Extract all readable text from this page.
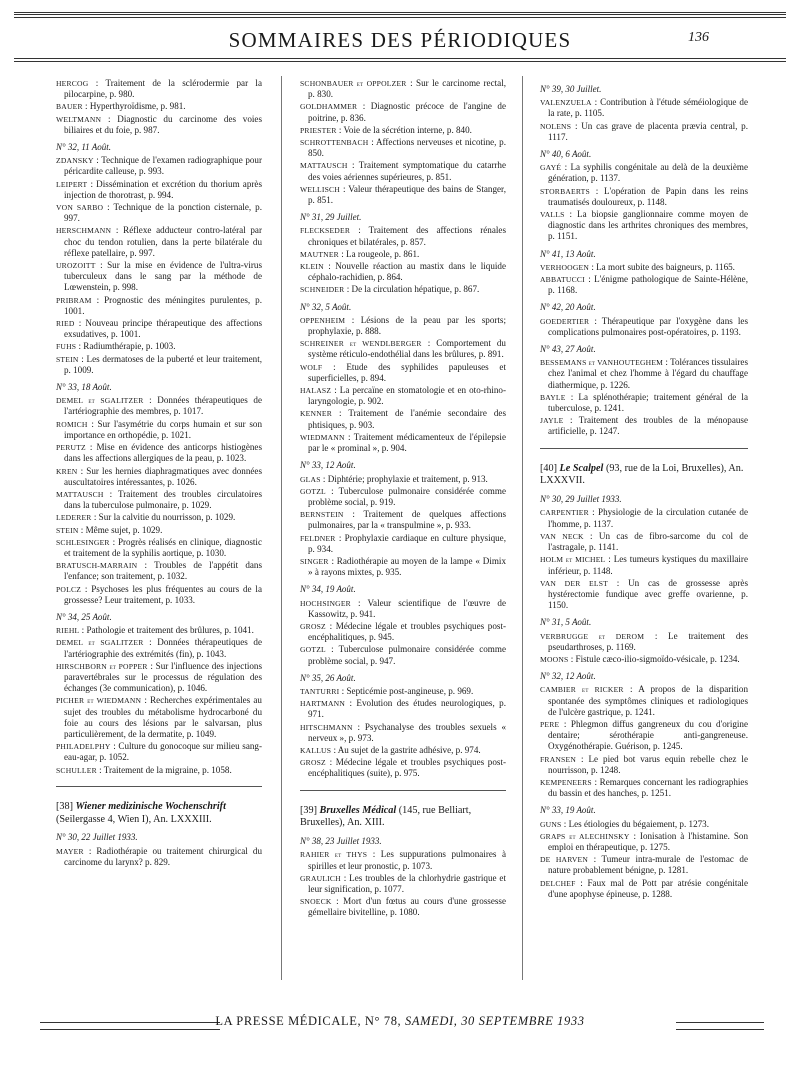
SOMMAIRES DES PÉRIODIQUES	136
HERCOG : Traitement de la sclérodermie par la pilocarpine, p. 980.
BAUER : Hyperthyroïdisme, p. 981.
WELTMANN : Diagnostic du carcinome des voies biliaires et du foie, p. 987.
N° 32, 11 Août.
ZDANSKY : Technique de l'examen radiographique pour péricardite calleuse, p. 993.
LEIPERT : Dissémination et excrétion du thorium après injection de thorotrast, p. 994.
VON SARBO : Technique de la ponction cisternale, p. 997.
HERSCHMANN : Réflexe adducteur contro-latéral par choc du tendon rotulien, dans la perte bilatérale du réflexe patellaire, p. 997.
UROZOITT : Sur la mise en évidence de l'ultra-virus tuberculeux dans le sang par la méthode de Lœwenstein, p. 998.
PRIBRAM : Prognostic des méningites purulentes, p. 1001.
RIED : Nouveau principe thérapeutique des affections exsudatives, p. 1001.
FUHS : Radiumthérapie, p. 1003.
STEIN : Les dermatoses de la puberté et leur traitement, p. 1009.
N° 33, 18 Août.
DEMEL et SGALITZER : Données thérapeutiques de l'artériographie des membres, p. 1017.
ROMICH : Sur l'asymétrie du corps humain et sur son importance en orthopédie, p. 1021.
PERUTZ : Mise en évidence des anticorps histiogènes dans les affections allergiques de la peau, p. 1023.
KREN : Sur les hernies diaphragmatiques avec données auscultatoires intéressantes, p. 1026.
MATTAUSCH : Traitement des troubles circulatoires dans la tuberculose pulmonaire, p. 1029.
LEDERER : Sur la calvitie du nourrisson, p. 1029.
STEIN : Même sujet, p. 1029.
SCHLESINGER : Progrès réalisés en clinique, diagnostic et traitement de la syphilis aortique, p. 1030.
BRATUSCH-MARRAIN : Troubles de l'appétit dans l'enfance; son traitement, p. 1032.
POLCZ : Psychoses les plus fréquentes au cours de la grossesse? Leur traitement, p. 1033.
N° 34, 25 Août.
RIEHL : Pathologie et traitement des brûlures, p. 1041.
DEMEL et SGALITZER : Données thérapeutiques de l'artériographie des extrémités (fin), p. 1043.
HIRSCHBORN et POPPER : Sur l'influence des injections paravertébrales sur le processus de régulation des échanges (3e communication), p. 1046.
PICHER et WIEDMANN : Recherches expérimentales au sujet des troubles du métabolisme hydrocarboné du foie au cours des lésions par le salvarsan, plus particulièrement, de la dermatite, p. 1049.
PHILADELPHY : Culture du gonocoque sur milieu sang-eau-agar, p. 1052.
SCHULLER : Traitement de la migraine, p. 1058.
[38] Wiener medizinische Wochenschrift (Seilergasse 4, Wien I), An. LXXXIII.
N° 30, 22 Juillet 1933.
MAYER : Radiothérapie ou traitement chirurgical du carcinome du larynx? p. 829.
SCHONBAUER et OPPOLZER : Sur le carcinome rectal, p. 830.
GOLDHAMMER : Diagnostic précoce de l'angine de poitrine, p. 836.
PRIESTER : Voie de la sécrétion interne, p. 840.
SCHROTTENBACH : Affections nerveuses et nicotine, p. 850.
MATTAUSCH : Traitement symptomatique du catarrhe des voies aériennes supérieures, p. 851.
WELLISCH : Valeur thérapeutique des bains de Stanger, p. 851.
N° 31, 29 Juillet.
FLECKSEDER : Traitement des affections rénales chroniques et bilatérales, p. 857.
MAUTNER : La rougeole, p. 861.
KLEIN : Nouvelle réaction au mastix dans le liquide céphalo-rachidien, p. 864.
SCHNEIDER : De la circulation hépatique, p. 867.
N° 32, 5 Août.
OPPENHEIM : Lésions de la peau par les sports; prophylaxie, p. 888.
SCHREINER et WENDLBERGER : Comportement du système réticulo-endothélial dans les brûlures, p. 891.
WOLF : Etude des syphilides papuleuses et superficielles, p. 894.
HALASZ : La percaïne en stomatologie et en oto-rhino-laryngologie, p. 902.
KENNER : Traitement de l'anémie secondaire des phtisiques, p. 903.
WIEDMANN : Traitement médicamenteux de l'épilepsie par le « prominal », p. 904.
N° 33, 12 Août.
GLAS : Diphtérie; prophylaxie et traitement, p. 913.
GOTZL : Tuberculose pulmonaire considérée comme problème social, p. 919.
BERNSTEIN : Traitement de quelques affections pulmonaires, par la « transpulmine », p. 933.
FELDNER : Prophylaxie cardiaque en culture physique, p. 934.
SINGER : Radiothérapie au moyen de la lampe « Dimix » à rayons mixtes, p. 935.
N° 34, 19 Août.
HOCHSINGER : Valeur scientifique de l'œuvre de Kassowitz, p. 941.
GROSZ : Médecine légale et troubles psychiques post-encéphalitiques, p. 945.
GOTZL : Tuberculose pulmonaire considérée comme problème social, p. 947.
N° 35, 26 Août.
TANTURRI : Septicémie post-angineuse, p. 969.
HARTMANN : Evolution des études neurologiques, p. 971.
HITSCHMANN : Psychanalyse des troubles sexuels « nerveux », p. 973.
KALLUS : Au sujet de la gastrite adhésive, p. 974.
GROSZ : Médecine légale et troubles psychiques post-encéphalitiques (suite), p. 975.
[39] Bruxelles Médical (145, rue Belliart, Bruxelles), An. XIII.
N° 38, 23 Juillet 1933.
RAHIER et THYS : Les suppurations pulmonaires à spirilles et leur pronostic, p. 1073.
GRAULICH : Les troubles de la chlorhydrie gastrique et leur signification, p. 1077.
SNOECK : Mort d'un fœtus au cours d'une grossesse gémellaire bivitelline, p. 1080.
N° 39, 30 Juillet.
VALENZUELA : Contribution à l'étude séméiologique de la rate, p. 1105.
NOLENS : Un cas grave de placenta prævia central, p. 1117.
N° 40, 6 Août.
GAYÉ : La syphilis congénitale au delà de la deuxième génération, p. 1137.
STORBAERTS : L'opération de Papin dans les reins traumatisés douloureux, p. 1148.
VALLS : La biopsie ganglionnaire comme moyen de diagnostic dans les arthrites chroniques des membres, p. 1151.
N° 41, 13 Août.
VERHOOGEN : La mort subite des baigneurs, p. 1165.
ABBATUCCI : L'énigme pathologique de Sainte-Hélène, p. 1168.
N° 42, 20 Août.
GOEDERTIER : Thérapeutique par l'oxygène dans les complications pulmonaires post-opératoires, p. 1193.
N° 43, 27 Août.
BESSEMANS et VANHOUTEGHEM : Tolérances tissulaires chez l'animal et chez l'homme à l'égard du chauffage diathermique, p. 1226.
BAYLE : La splénothérapie; traitement général de la tuberculose, p. 1241.
JAYLE : Traitement des troubles de la ménopause artificielle, p. 1247.
[40] Le Scalpel (93, rue de la Loi, Bruxelles), An. LXXXVII.
N° 30, 29 Juillet 1933.
CARPENTIER : Physiologie de la circulation cutanée de l'homme, p. 1137.
VAN NECK : Un cas de fibro-sarcome du col de l'astragale, p. 1141.
HOLM et MICHEL : Les tumeurs kystiques du maxillaire inférieur, p. 1148.
VAN DER ELST : Un cas de grossesse après hystérectomie fundique avec greffe ovarienne, p. 1150.
N° 31, 5 Août.
VERBRUGGE et DEROM : Le traitement des pseudarthroses, p. 1169.
MOONS : Fistule cæco-ilio-sigmoïdo-vésicale, p. 1234.
N° 32, 12 Août.
CAMBIER et RICKER : A propos de la disparition spontanée des symptômes cliniques et radiologiques de l'ulcère gastrique, p. 1241.
PERE : Phlegmon diffus gangreneux du cou d'origine dentaire; sérothérapie anti-gangreneuse. Oxygénothérapie. Guérison, p. 1245.
FRANSEN : Le pied bot varus equin rebelle chez le nourrisson, p. 1248.
KEMPENEERS : Remarques concernant les radiographies du bassin et des hanches, p. 1251.
N° 33, 19 Août.
GUNS : Les étiologies du bégaiement, p. 1273.
GRAPS et ALECHINSKY : Ionisation à l'histamine. Son emploi en thérapeutique, p. 1275.
DE HARVEN : Tumeur intra-murale de l'estomac de nature probablement bénigne, p. 1281.
DELCHEF : Faux mal de Pott par atrésie congénitale d'une apophyse épineuse, p. 1288.
LA PRESSE MÉDICALE, N° 78, SAMEDI, 30 SEPTEMBRE 1933
